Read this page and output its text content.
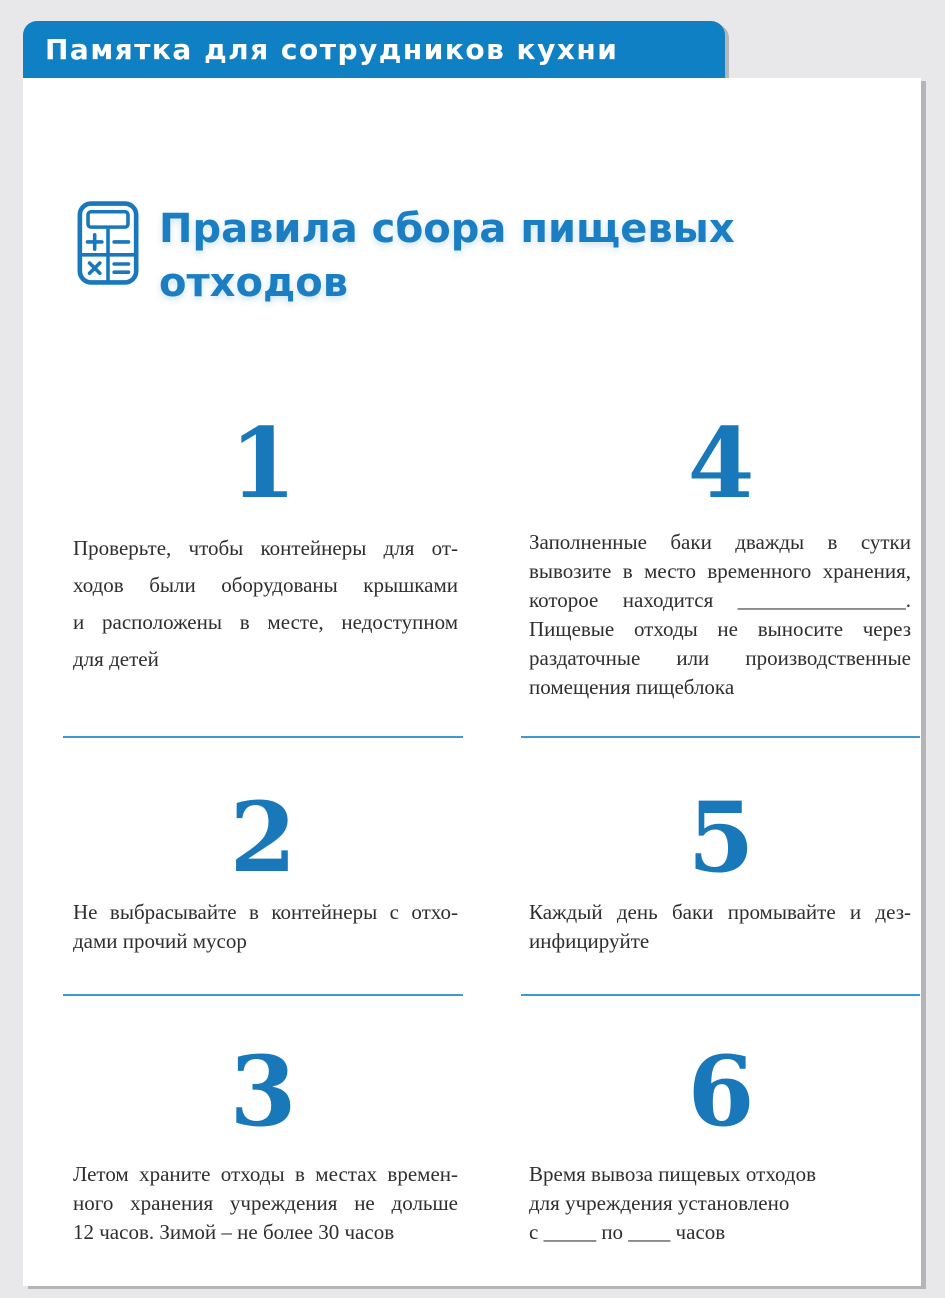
Памятка для сотрудников кухни
Правила сбора пищевых
отходов
1	4
2	5
3	6
Проверьте, чтобы контейнеры для от-
ходов были оборудованы крышками
и расположены в месте, недоступном
для детей
Заполненные баки дважды в сутки
вывозите в место временного хранения,
которое находится ________________.
Пищевые отходы не выносите через
раздаточные или производственные
помещения пищеблока
Не выбрасывайте в контейнеры с отхо-
дами прочий мусор
Каждый день баки промывайте и дез-
инфицируйте
Летом храните отходы в местах времен-
ного хранения учреждения не дольше
12 часов. Зимой – не более 30 часов
Время вывоза пищевых отходов
для учреждения установлено
с _____ по ____ часов
